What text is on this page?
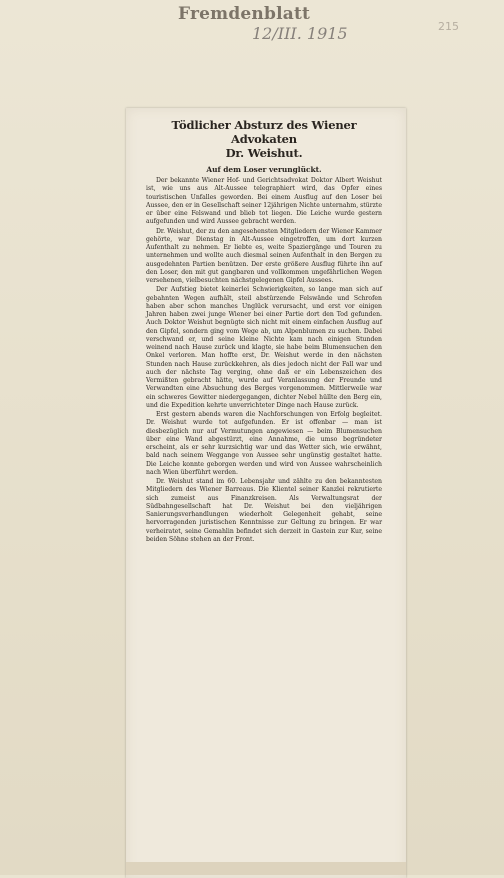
Fremdenblatt
12/III. 1915	215

Tödlicher Absturz des Wiener Advokaten
Dr. Weishut.

Auf dem Loser verunglückt.

Der bekannte Wiener Hof- und Gerichtsadvokat Doktor Albert Weishut ist, wie uns aus Alt-Aussee telegraphiert wird, das Opfer eines touristischen Unfalles geworden. Bei einem Ausflug auf den Loser bei Aussee, den er in Gesellschaft seiner 12jährigen Nichte unternahm, stürzte er über eine Felswand und blieb tot liegen. Die Leiche wurde gestern aufgefunden und wird Aussee gebracht werden.

Dr. Weishut, der zu den angesehensten Mitgliedern der Wiener Kammer gehörte, war Dienstag in Alt-Aussee eingetroffen, um dort kurzen Aufenthalt zu nehmen. Er liebte es, weite Spaziergänge und Touren zu unternehmen und wollte auch diesmal seinen Aufenthalt in den Bergen zu ausgedehnten Partien benützen. Der erste größere Ausflug führte ihn auf den Loser, den mit gut gangbaren und vollkommen ungefährlichen Wegen versehenen, vielbesuchten nächstgelegenen Gipfel Aussees.

Der Aufstieg bietet keinerlei Schwierigkeiten, so lange man sich auf gebahnten Wegen aufhält, steil abstürzende Felswände und Schrofen haben aber schon manches Unglück verursacht, und erst vor einigen Jahren haben zwei junge Wiener bei einer Partie dort den Tod gefunden. Auch Doktor Weishut begnügte sich nicht mit einem einfachen Ausflug auf den Gipfel, sondern ging vom Wege ab, um Alpenblumen zu suchen. Dabei verschwand er, und seine kleine Nichte kam nach einigen Stunden weinend nach Hause zurück und klagte, sie habe beim Blumensuchen den Onkel verloren. Man hoffte erst, Dr. Weishut werde in den nächsten Stunden nach Hause zurückkehren, als dies jedoch nicht der Fall war und auch der nächste Tag verging, ohne daß er ein Lebenszeichen des Vermißten gebracht hätte, wurde auf Veranlassung der Freunde und Verwandten eine Absuchung des Berges vorgenommen. Mittlerweile war ein schweres Gewitter niedergegangen, dichter Nebel hüllte den Berg ein, und die Expedition kehrte unverrichteter Dinge nach Hause zurück.

Erst gestern abends waren die Nachforschungen von Erfolg begleitet. Dr. Weishut wurde tot aufgefunden. Er ist offenbar — man ist diesbezüglich nur auf Vermutungen angewiesen — beim Blumensuchen über eine Wand abgestürzt, eine Annahme, die umso begründeter erscheint, als er sehr kurzsichtig war und das Wetter sich, wie erwähnt, bald nach seinem Weggange von Aussee sehr ungünstig gestaltet hatte. Die Leiche konnte geborgen werden und wird von Aussee wahrscheinlich nach Wien überführt werden.

Dr. Weishut stand im 60. Lebensjahr und zählte zu den bekanntesten Mitgliedern des Wiener Barreaus. Die Klientel seiner Kanzlei rekrutierte sich zumeist aus Finanzkreisen. Als Verwaltungsrat der Südbahngesellschaft hat Dr. Weishut bei den vieljährigen Sanierungsverhandlungen wiederholt Gelegenheit gehabt, seine hervorragenden juristischen Kenntnisse zur Geltung zu bringen. Er war verheiratet, seine Gemahlin befindet sich derzeit in Gastein zur Kur, seine beiden Söhne stehen an der Front.
